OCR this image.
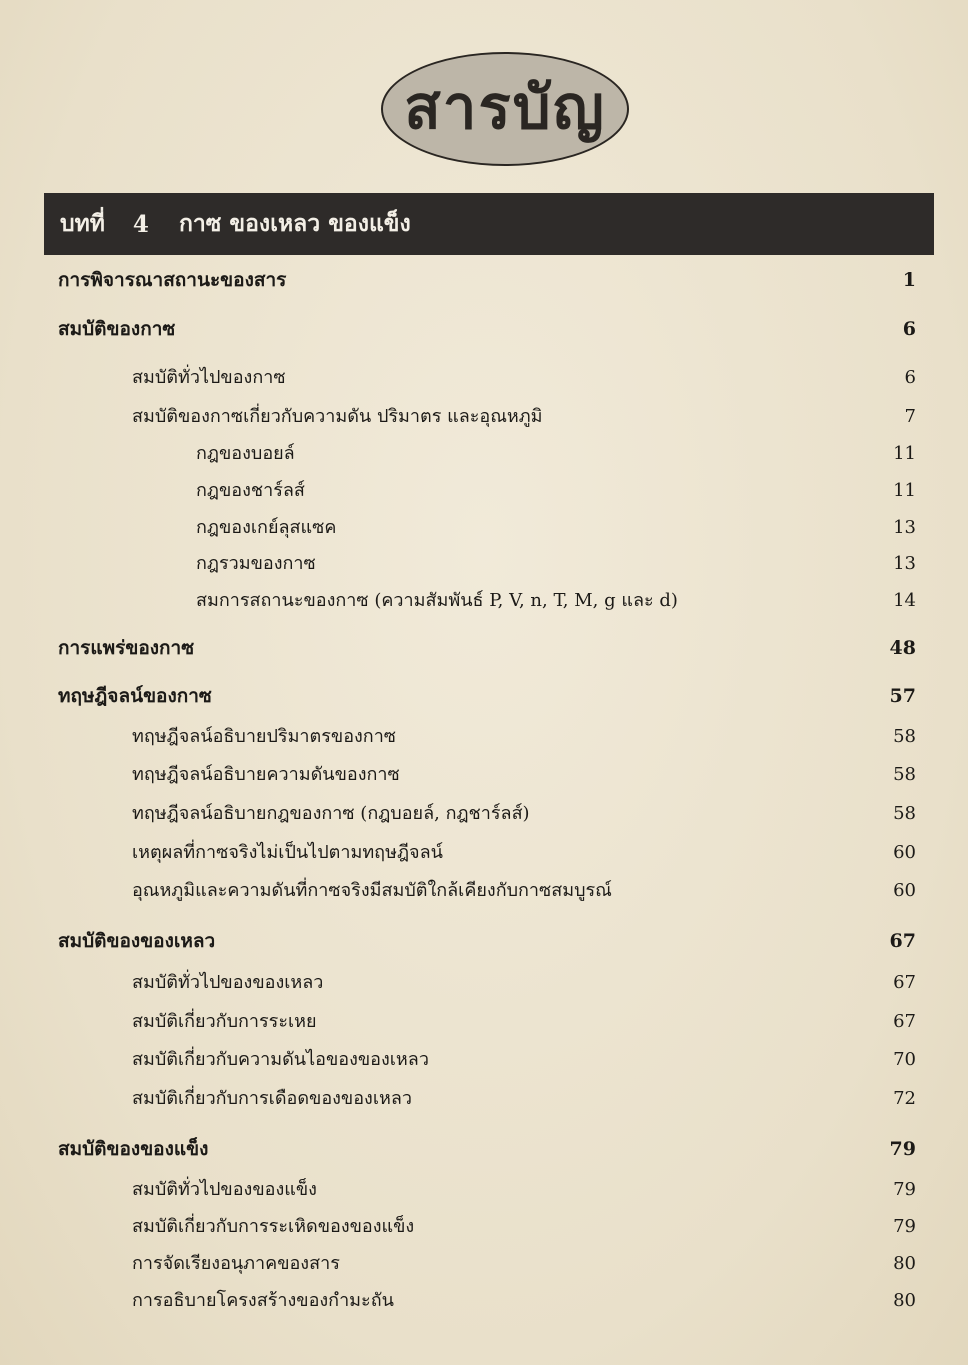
สารบัญ
บทที่ 4 กาซ ของเหลว ของแข็ง
การพิจารณาสถานะของสาร	1
สมบัติของกาซ	6
สมบัติทั่วไปของกาซ	6
สมบัติของกาซเกี่ยวกับความดัน ปริมาตร และอุณหภูมิ	7
กฎของบอยล์	11
กฎของชาร์ลส์	11
กฎของเกย์ลุสแซค	13
กฎรวมของกาซ	13
สมการสถานะของกาซ (ความสัมพันธ์ P, V, n, T, M, g และ d)	14
การแพร่ของกาซ	48
ทฤษฎีจลน์ของกาซ	57
ทฤษฎีจลน์อธิบายปริมาตรของกาซ	58
ทฤษฎีจลน์อธิบายความดันของกาซ	58
ทฤษฎีจลน์อธิบายกฎของกาซ (กฎบอยล์, กฎชาร์ลส์)	58
เหตุผลที่กาซจริงไม่เป็นไปตามทฤษฎีจลน์	60
อุณหภูมิและความดันที่กาซจริงมีสมบัติใกล้เคียงกับกาซสมบูรณ์	60
สมบัติของของเหลว	67
สมบัติทั่วไปของของเหลว	67
สมบัติเกี่ยวกับการระเหย	67
สมบัติเกี่ยวกับความดันไอของของเหลว	70
สมบัติเกี่ยวกับการเดือดของของเหลว	72
สมบัติของของแข็ง	79
สมบัติทั่วไปของของแข็ง	79
สมบัติเกี่ยวกับการระเหิดของของแข็ง	79
การจัดเรียงอนุภาคของสาร	80
การอธิบายโครงสร้างของกำมะถัน	80
